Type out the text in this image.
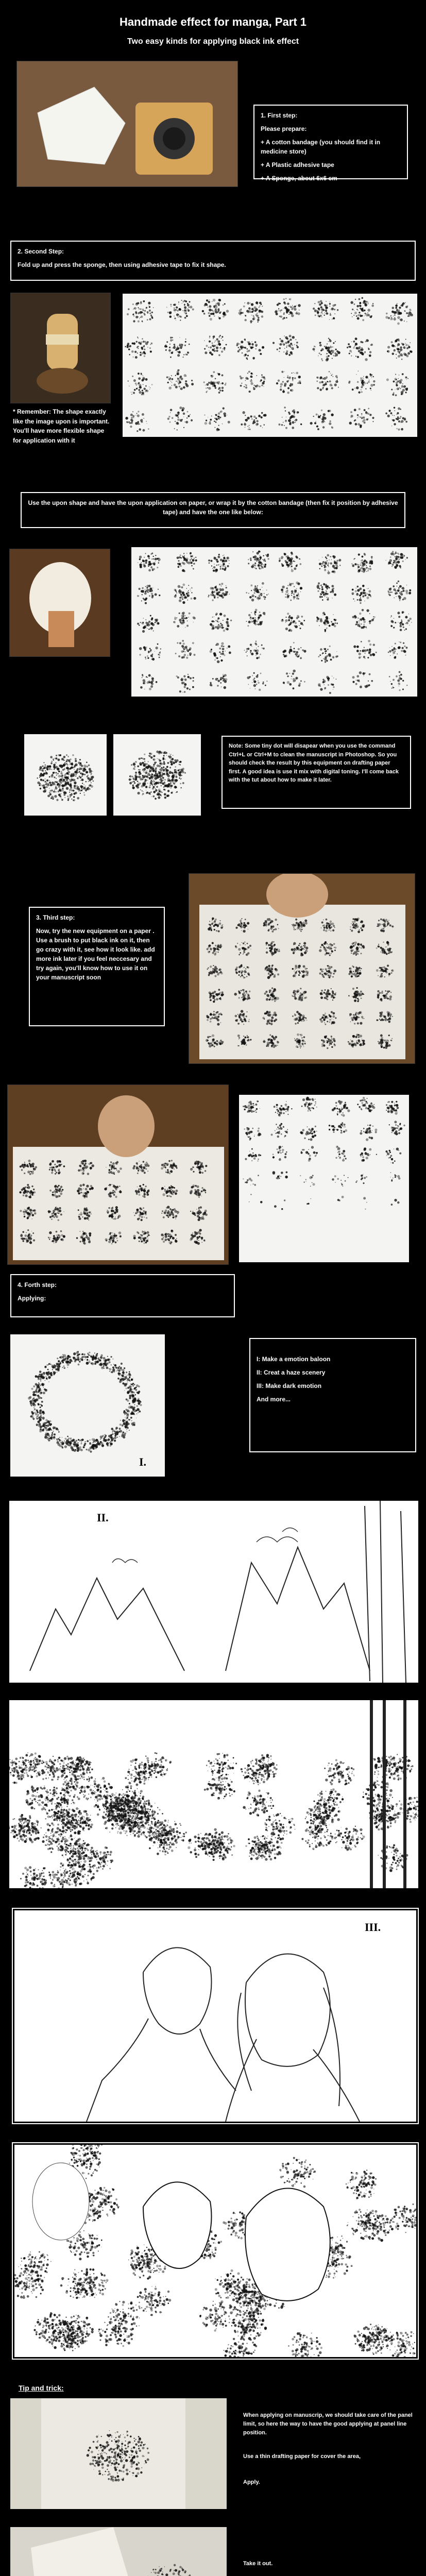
Handmade effect for manga, Part 1
Two easy kinds for applying black ink effect

1. First step:

Please prepare:

+ A cotton bandage (you should find it in medicine store)

+ A Plastic adhesive tape

+ A Sponge, about 6x6 cm

2. Second Step:

Fold up and press the sponge, then using adhesive tape to fix it shape.

* Remember: The shape exactly like the image upon is important. You'll have more flexible shape for application with it

Use the upon shape and have the upon application on paper, or wrap it by the cotton bandage (then fix it position by adhesive tape) and have the one like below:

Note: Some tiny dot will disapear when you use the command Ctrl+L or Ctrl+M to clean the manuscript in Photoshop. So you should check the result by this equipment on drafting paper first. A good idea is use it mix with digital toning. I'll come back with the tut about how to make it later.

3. Third step:

Now, try the new equipment on a paper . Use a brush to put black ink on it, then go crazy with it, see how it look like. add more ink later if you feel neccesary and try again, you'll know how to use it on your manuscript soon

4. Forth step:

Applying:

I.

I: Make a emotion baloon

II: Creat a haze scenery

III: Make dark emotion

And more...

II.
III.
Tip and trick:
When applying on manuscrip, we should take care of the panel limit, so here the way to have the good applying at panel line position.
Use a thin drafting paper for cover the area,
Apply.
Take it out.
